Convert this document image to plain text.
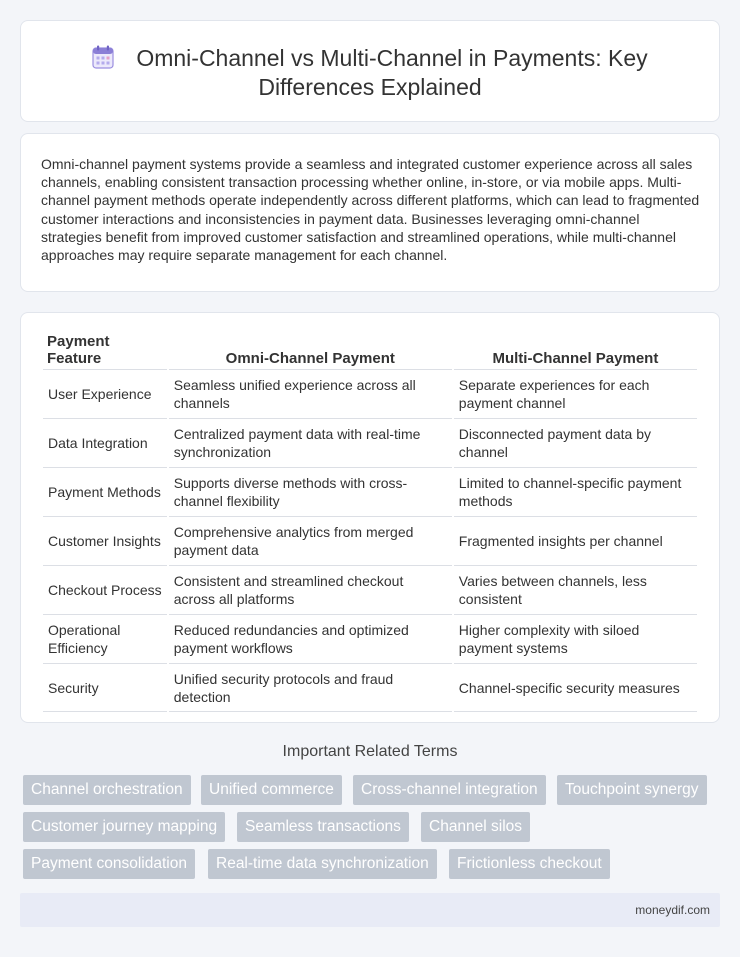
Omni-Channel vs Multi-Channel in Payments: Key Differences Explained

Omni-channel payment systems provide a seamless and integrated customer experience across all sales channels, enabling consistent transaction processing whether online, in-store, or via mobile apps. Multi-channel payment methods operate independently across different platforms, which can lead to fragmented customer interactions and inconsistencies in payment data. Businesses leveraging omni-channel strategies benefit from improved customer satisfaction and streamlined operations, while multi-channel approaches may require separate management for each channel.

Payment Feature	Omni-Channel Payment	Multi-Channel Payment
User Experience	Seamless unified experience across all channels	Separate experiences for each payment channel
Data Integration	Centralized payment data with real-time synchronization	Disconnected payment data by channel
Payment Methods	Supports diverse methods with cross-channel flexibility	Limited to channel-specific payment methods
Customer Insights	Comprehensive analytics from merged payment data	Fragmented insights per channel
Checkout Process	Consistent and streamlined checkout across all platforms	Varies between channels, less consistent
Operational Efficiency	Reduced redundancies and optimized payment workflows	Higher complexity with siloed payment systems
Security	Unified security protocols and fraud detection	Channel-specific security measures
Important Related Terms
Channel orchestration	Unified commerce	Cross-channel integration	Touchpoint synergy
Customer journey mapping	Seamless transactions	Channel silos
Payment consolidation	Real-time data synchronization	Frictionless checkout
moneydif.com
